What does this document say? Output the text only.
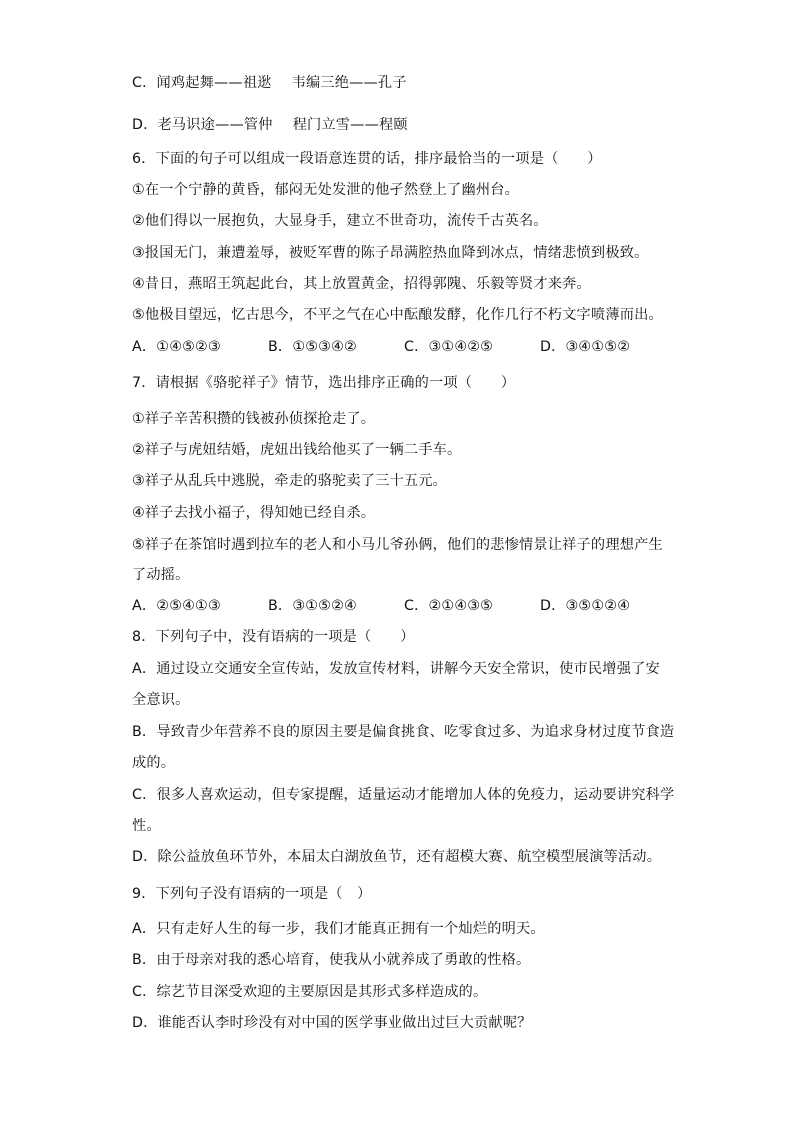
C．闻鸡起舞——祖逖 韦编三绝——孔子
D．老马识途——管仲 程门立雪——程颐
6．下面的句子可以组成一段语意连贯的话，排序最恰当的一项是（　　）
①在一个宁静的黄昏，郁闷无处发泄的他孑然登上了幽州台。
②他们得以一展抱负，大显身手，建立不世奇功，流传千古英名。
③报国无门，兼遭羞辱，被贬军曹的陈子昂满腔热血降到冰点，情绪悲愤到极致。
④昔日，燕昭王筑起此台，其上放置黄金，招得郭隗、乐毅等贤才来奔。
⑤他极目望远，忆古思今，不平之气在心中酝酿发酵，化作几行不朽文字喷薄而出。
A．①④⑤②③	B．①⑤③④②	C．③①④②⑤	D．③④①⑤②
7．请根据《骆驼祥子》情节，选出排序正确的一项（　　）
①祥子辛苦积攒的钱被孙侦探抢走了。
②祥子与虎妞结婚，虎妞出钱给他买了一辆二手车。
③祥子从乱兵中逃脱，牵走的骆驼卖了三十五元。
④祥子去找小福子，得知她已经自杀。
⑤祥子在茶馆时遇到拉车的老人和小马儿爷孙俩，他们的悲惨情景让祥子的理想产生
了动摇。
A．②⑤④①③	B．③①⑤②④	C．②①④③⑤	D．③⑤①②④
8．下列句子中，没有语病的一项是（　　）
A．通过设立交通安全宣传站，发放宣传材料，讲解今天安全常识，使市民增强了安
全意识。
B．导致青少年营养不良的原因主要是偏食挑食、吃零食过多、为追求身材过度节食造
成的。
C．很多人喜欢运动，但专家提醒，适量运动才能增加人体的免疫力，运动要讲究科学
性。
D．除公益放鱼环节外，本届太白湖放鱼节，还有超模大赛、航空模型展演等活动。
9．下列句子没有语病的一项是（　）
A．只有走好人生的每一步，我们才能真正拥有一个灿烂的明天。
B．由于母亲对我的悉心培育，使我从小就养成了勇敢的性格。
C．综艺节目深受欢迎的主要原因是其形式多样造成的。
D．谁能否认李时珍没有对中国的医学事业做出过巨大贡献呢？
